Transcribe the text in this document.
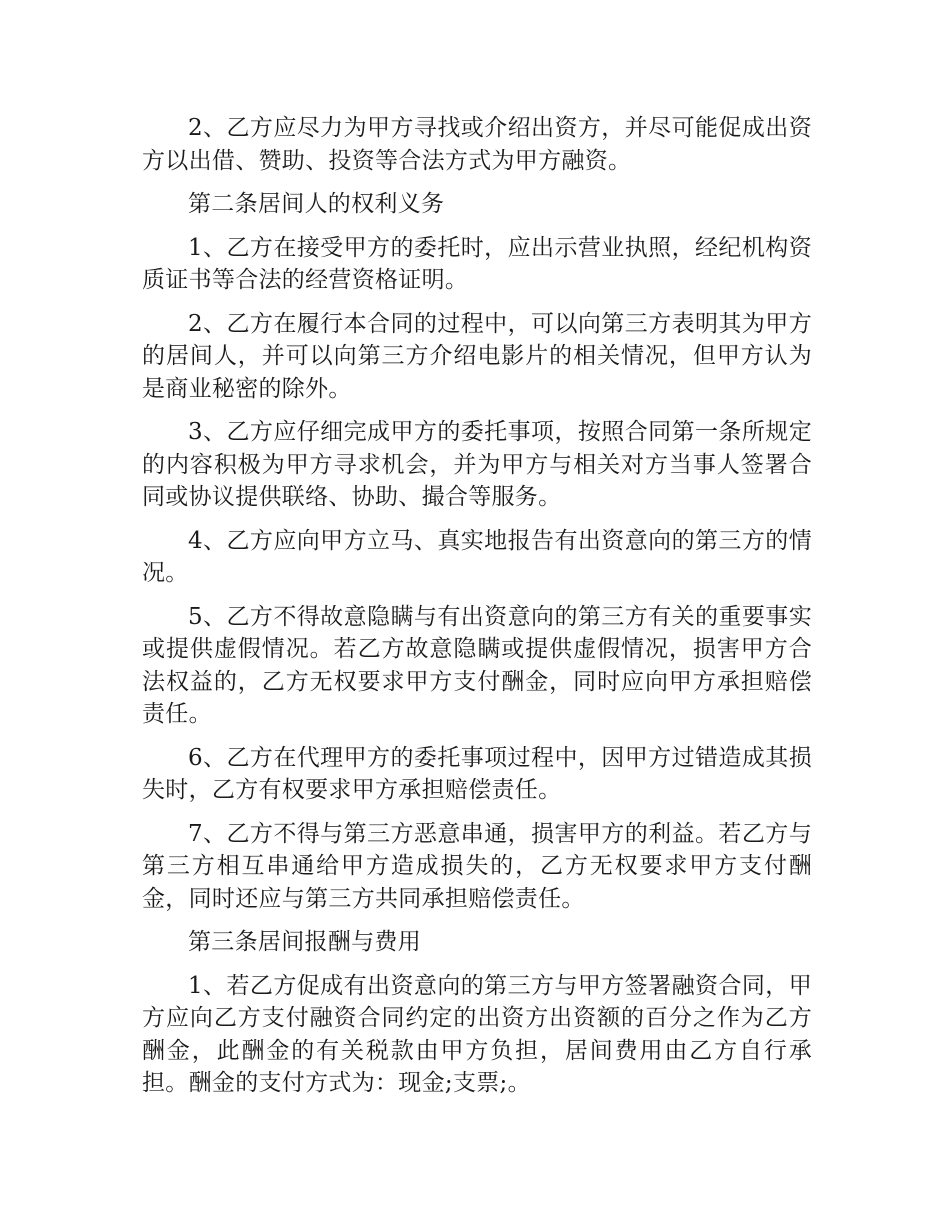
2、乙方应尽力为甲方寻找或介绍出资方，并尽可能促成出资方以出借、赞助、投资等合法方式为甲方融资。

第二条居间人的权利义务

1、乙方在接受甲方的委托时，应出示营业执照，经纪机构资质证书等合法的经营资格证明。

2、乙方在履行本合同的过程中，可以向第三方表明其为甲方的居间人，并可以向第三方介绍电影片的相关情况，但甲方认为是商业秘密的除外。

3、乙方应仔细完成甲方的委托事项，按照合同第一条所规定的内容积极为甲方寻求机会，并为甲方与相关对方当事人签署合同或协议提供联络、协助、撮合等服务。

4、乙方应向甲方立马、真实地报告有出资意向的第三方的情况。

5、乙方不得故意隐瞒与有出资意向的第三方有关的重要事实或提供虚假情况。若乙方故意隐瞒或提供虚假情况，损害甲方合法权益的，乙方无权要求甲方支付酬金，同时应向甲方承担赔偿责任。

6、乙方在代理甲方的委托事项过程中，因甲方过错造成其损失时，乙方有权要求甲方承担赔偿责任。

7、乙方不得与第三方恶意串通，损害甲方的利益。若乙方与第三方相互串通给甲方造成损失的，乙方无权要求甲方支付酬金，同时还应与第三方共同承担赔偿责任。

第三条居间报酬与费用

1、若乙方促成有出资意向的第三方与甲方签署融资合同，甲方应向乙方支付融资合同约定的出资方出资额的百分之作为乙方酬金，此酬金的有关税款由甲方负担，居间费用由乙方自行承担。酬金的支付方式为：现金;支票;。
